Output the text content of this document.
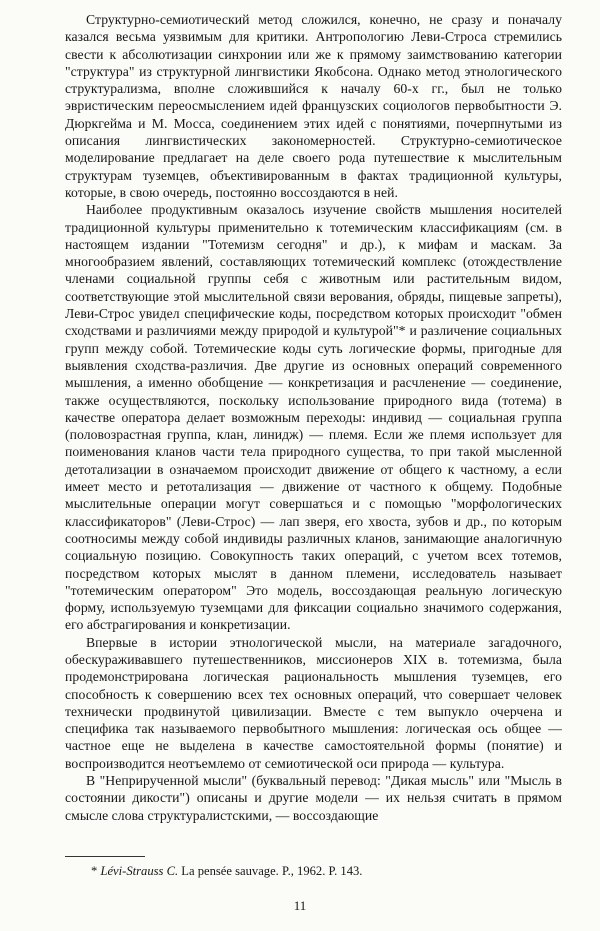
Структурно-семиотический метод сложился, конечно, не сразу и поначалу казался весьма уязвимым для критики. Антропологию Леви-Строса стремились свести к абсолютизации синхронии или же к прямому заимствованию категории "структура" из структурной лингвистики Якобсона. Однако метод этнологического структурализма, вполне сложившийся к началу 60-х гг., был не только эвристическим переосмыслением идей французских социологов первобытности Э. Дюркгейма и М. Мосса, соединением этих идей с понятиями, почерпнутыми из описания лингвистических закономерностей. Структурно-семиотическое моделирование предлагает на деле своего рода путешествие к мыслительным структурам туземцев, объективированным в фактах традиционной культуры, которые, в свою очередь, постоянно воссоздаются в ней.

Наиболее продуктивным оказалось изучение свойств мышления носителей традиционной культуры применительно к тотемическим классификациям (см. в настоящем издании "Тотемизм сегодня" и др.), к мифам и маскам. За многообразием явлений, составляющих тотемический комплекс (отождествление членами социальной группы себя с животным или растительным видом, соответствующие этой мыслительной связи верования, обряды, пищевые запреты), Леви-Строс увидел специфические коды, посредством которых происходит "обмен сходствами и различиями между природой и культурой"* и различение социальных групп между собой. Тотемические коды суть логические формы, пригодные для выявления сходства-различия. Две другие из основных операций современного мышления, а именно обобщение — конкретизация и расчленение — соединение, также осуществляются, поскольку использование природного вида (тотема) в качестве оператора делает возможным переходы: индивид — социальная группа (половозрастная группа, клан, линидж) — племя. Если же племя использует для поименования кланов части тела природного существа, то при такой мысленной детотализации в означаемом происходит движение от общего к частному, а если имеет место и ретотализация — движение от частного к общему. Подобные мыслительные операции могут совершаться и с помощью "морфологических классификаторов" (Леви-Строс) — лап зверя, его хвоста, зубов и др., по которым соотносимы между собой индивиды различных кланов, занимающие аналогичную социальную позицию. Совокупность таких операций, с учетом всех тотемов, посредством которых мыслят в данном племени, исследователь называет "тотемическим оператором" Это модель, воссоздающая реальную логическую форму, используемую туземцами для фиксации социально значимого содержания, его абстрагирования и конкретизации.

Впервые в истории этнологической мысли, на материале загадочного, обескураживавшего путешественников, миссионеров XIX в. тотемизма, была продемонстрирована логическая рациональность мышления туземцев, его способность к совершению всех тех основных операций, что совершает человек технически продвинутой цивилизации. Вместе с тем выпукло очерчена и специфика так называемого первобытного мышления: логическая ось общее — частное еще не выделена в качестве самостоятельной формы (понятие) и воспроизводится неотъемлемо от семиотической оси природа — культура.

В "Неприрученной мысли" (буквальный перевод: "Дикая мысль" или "Мысль в состоянии дикости") описаны и другие модели — их нельзя считать в прямом смысле слова структуралистскими, — воссоздающие

* Lévi-Strauss C. La pensée sauvage. P., 1962. P. 143.
11
